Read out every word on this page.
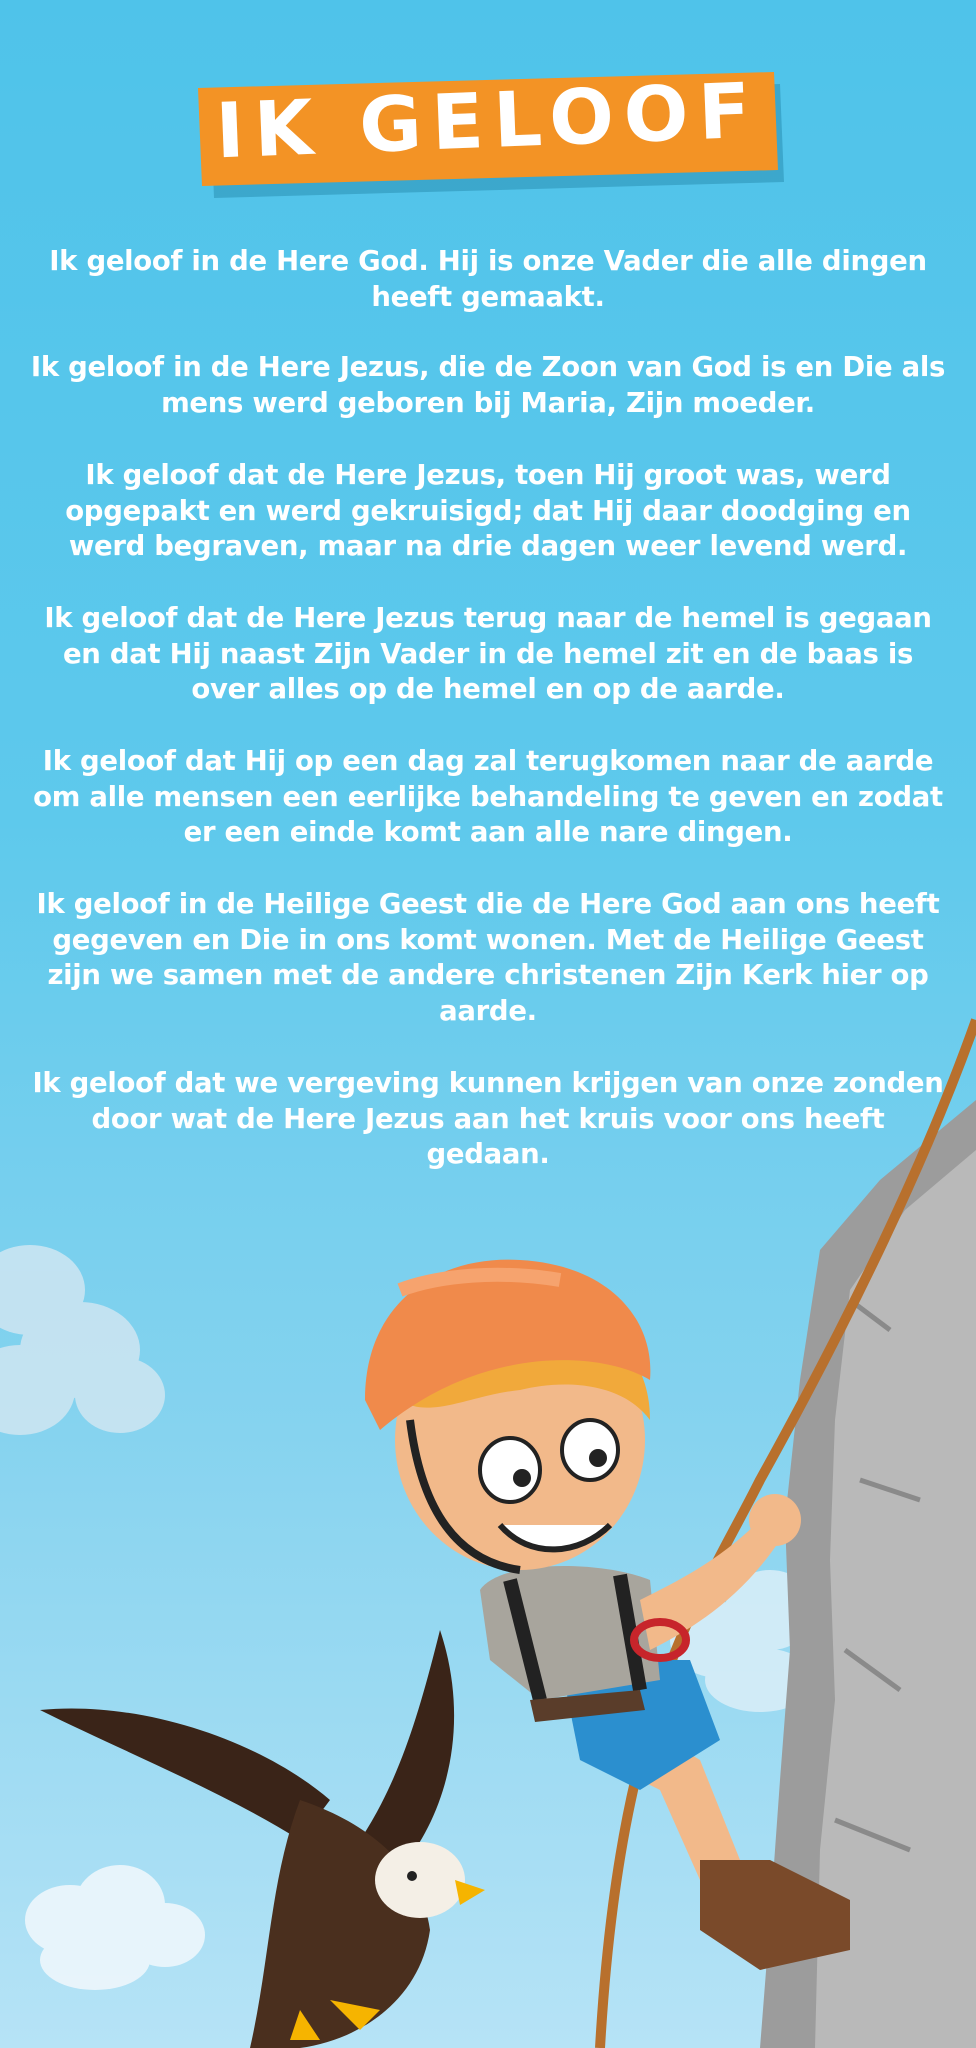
IK GELOOF
Ik geloof in de Here God. Hij is onze Vader die alle dingen heeft gemaakt.
Ik geloof in de Here Jezus, die de Zoon van God is en Die als mens werd geboren bij Maria, Zijn moeder.
Ik geloof dat de Here Jezus, toen Hij groot was, werd opgepakt en werd gekruisigd; dat Hij daar doodging en werd begraven, maar na drie dagen weer levend werd.
Ik geloof dat de Here Jezus terug naar de hemel is gegaan en dat Hij naast Zijn Vader in de hemel zit en de baas is over alles op de hemel en op de aarde.
Ik geloof dat Hij op een dag zal terugkomen naar de aarde om alle mensen een eerlijke behandeling te geven en zodat er een einde komt aan alle nare dingen.
Ik geloof in de Heilige Geest die de Here God aan ons heeft gegeven en Die in ons komt wonen. Met de Heilige Geest zijn we samen met de andere christenen Zijn Kerk hier op aarde.
Ik geloof dat we vergeving kunnen krijgen van onze zonden door wat de Here Jezus aan het kruis voor ons heeft gedaan.
